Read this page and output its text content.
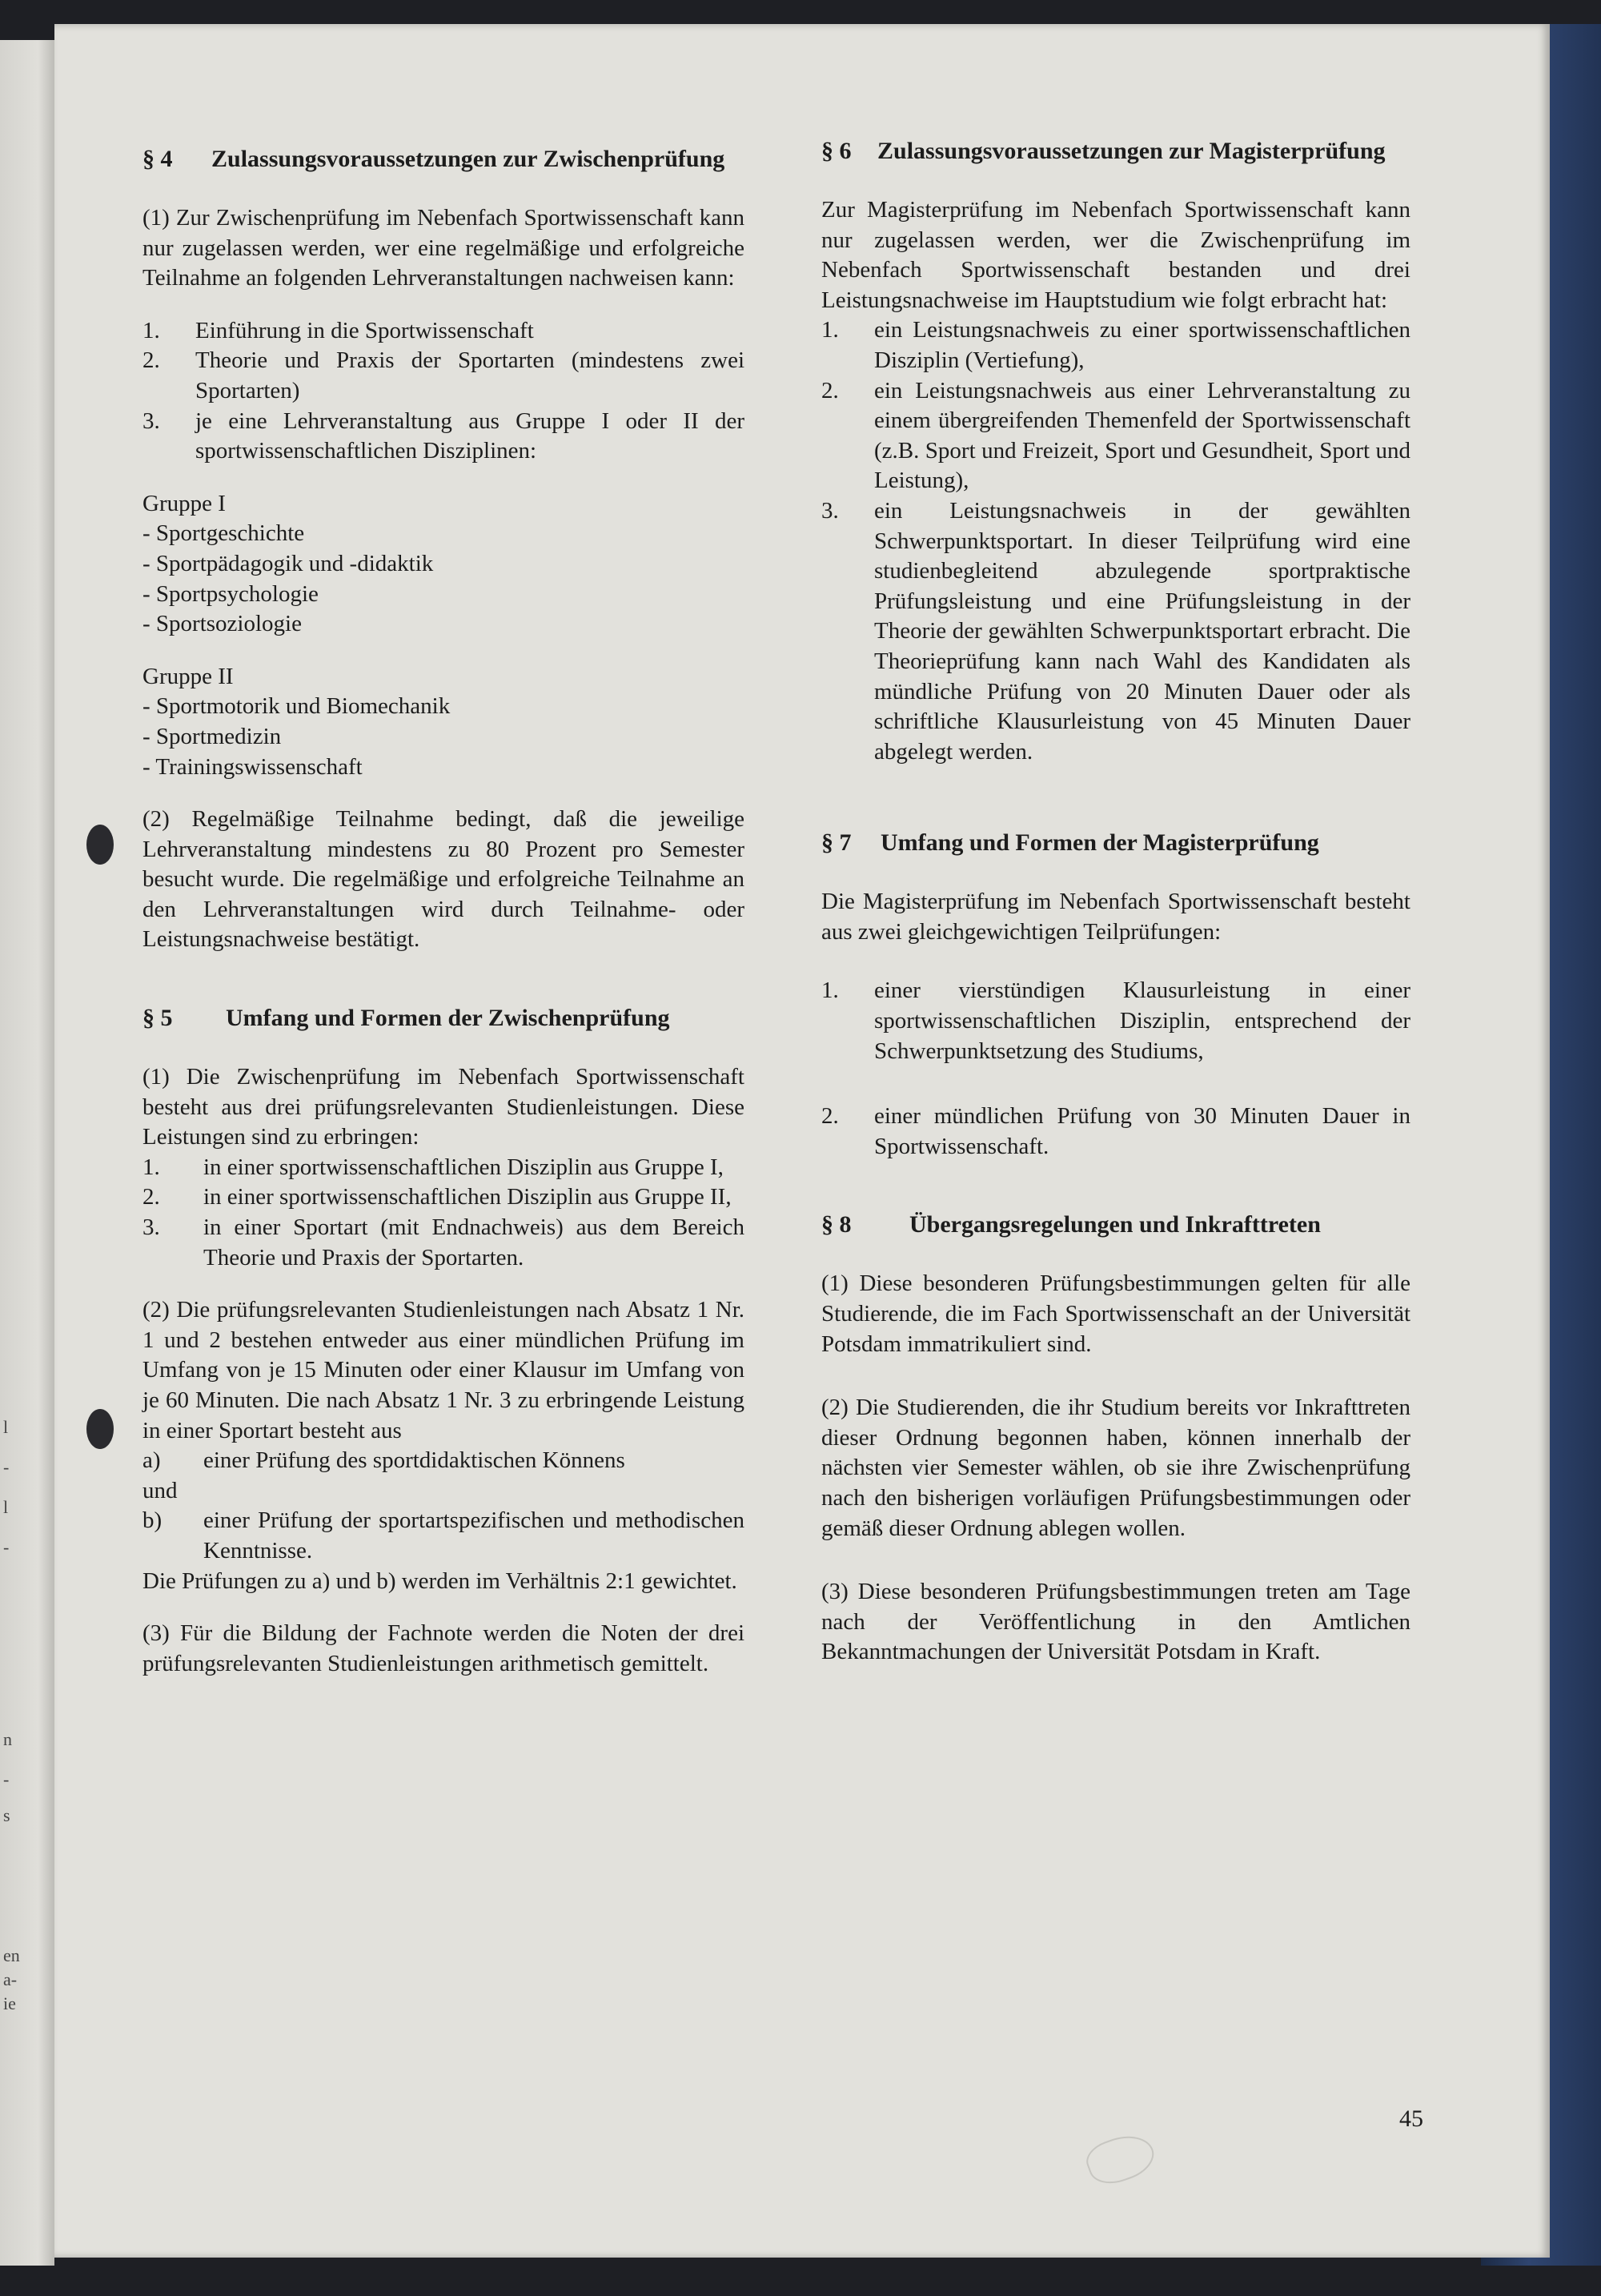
l
-
l
-
n
-
s
en
a-
ie
§ 4	Zulassungsvoraussetzungen zur Zwischenprüfung

(1) Zur Zwischenprüfung im Nebenfach Sportwissenschaft kann nur zugelassen werden, wer eine regelmäßige und erfolgreiche Teilnahme an folgenden Lehrveranstaltungen nachweisen kann:

1.	Einführung in die Sportwissenschaft
2.	Theorie und Praxis der Sportarten (mindestens zwei Sportarten)
3.	je eine Lehrveranstaltung aus Gruppe I oder II der sportwissenschaftlichen Disziplinen:
Gruppe I
- Sportgeschichte
- Sportpädagogik und -didaktik
- Sportpsychologie
- Sportsoziologie
Gruppe II
- Sportmotorik und Biomechanik
- Sportmedizin
- Trainingswissenschaft

(2) Regelmäßige Teilnahme bedingt, daß die jeweilige Lehrveranstaltung mindestens zu 80 Prozent pro Semester besucht wurde. Die regelmäßige und erfolgreiche Teilnahme an den Lehrveranstaltungen wird durch Teilnahme- oder Leistungsnachweise bestätigt.

§ 5	Umfang und Formen der Zwischenprüfung

(1) Die Zwischenprüfung im Nebenfach Sportwissenschaft besteht aus drei prüfungsrelevanten Studienleistungen. Diese Leistungen sind zu erbringen:

1.	in einer sportwissenschaftlichen Disziplin aus Gruppe I,
2.	in einer sportwissenschaftlichen Disziplin aus Gruppe II,
3.	in einer Sportart (mit Endnachweis) aus dem Bereich Theorie und Praxis der Sportarten.

(2) Die prüfungsrelevanten Studienleistungen nach Absatz 1 Nr. 1 und 2 bestehen entweder aus einer mündlichen Prüfung im Umfang von je 15 Minuten oder einer Klausur im Umfang von je 60 Minuten. Die nach Absatz 1 Nr. 3 zu erbringende Leistung in einer Sportart besteht aus

a)	einer Prüfung des sportdidaktischen Könnens
und
b)	einer Prüfung der sportartspezifischen und methodischen Kenntnisse.

Die Prüfungen zu a) und b) werden im Verhältnis 2:1 gewichtet.

(3) Für die Bildung der Fachnote werden die Noten der drei prüfungsrelevanten Studienleistungen arithmetisch gemittelt.

§ 6	Zulassungsvoraussetzungen zur Magisterprüfung

Zur Magisterprüfung im Nebenfach Sportwissenschaft kann nur zugelassen werden, wer die Zwischenprüfung im Nebenfach Sportwissenschaft bestanden und drei Leistungsnachweise im Hauptstudium wie folgt erbracht hat:

1.	ein Leistungsnachweis zu einer sportwissenschaftlichen Disziplin (Vertiefung),
2.	ein Leistungsnachweis aus einer Lehrveranstaltung zu einem übergreifenden Themenfeld der Sportwissenschaft (z.B. Sport und Freizeit, Sport und Gesundheit, Sport und Leistung),
3.	ein Leistungsnachweis in der gewählten Schwerpunktsportart. In dieser Teilprüfung wird eine studienbegleitend abzulegende sportpraktische Prüfungsleistung und eine Prüfungsleistung in der Theorie der gewählten Schwerpunktsportart erbracht. Die Theorieprüfung kann nach Wahl des Kandidaten als mündliche Prüfung von 20 Minuten Dauer oder als schriftliche Klausurleistung von 45 Minuten Dauer abgelegt werden.
§ 7	Umfang und Formen der Magisterprüfung

Die Magisterprüfung im Nebenfach Sportwissenschaft besteht aus zwei gleichgewichtigen Teilprüfungen:

1.	einer vierstündigen Klausurleistung in einer sportwissenschaftlichen Disziplin, entsprechend der Schwerpunktsetzung des Studiums,
2.	einer mündlichen Prüfung von 30 Minuten Dauer in Sportwissenschaft.
§ 8	Übergangsregelungen und Inkrafttreten

(1) Diese besonderen Prüfungsbestimmungen gelten für alle Studierende, die im Fach Sportwissenschaft an der Universität Potsdam immatrikuliert sind.

(2) Die Studierenden, die ihr Studium bereits vor Inkrafttreten dieser Ordnung begonnen haben, können innerhalb der nächsten vier Semester wählen, ob sie ihre Zwischenprüfung nach den bisherigen vorläufigen Prüfungsbestimmungen oder gemäß dieser Ordnung ablegen wollen.

(3) Diese besonderen Prüfungsbestimmungen treten am Tage nach der Veröffentlichung in den Amtlichen Bekanntmachungen der Universität Potsdam in Kraft.

45
